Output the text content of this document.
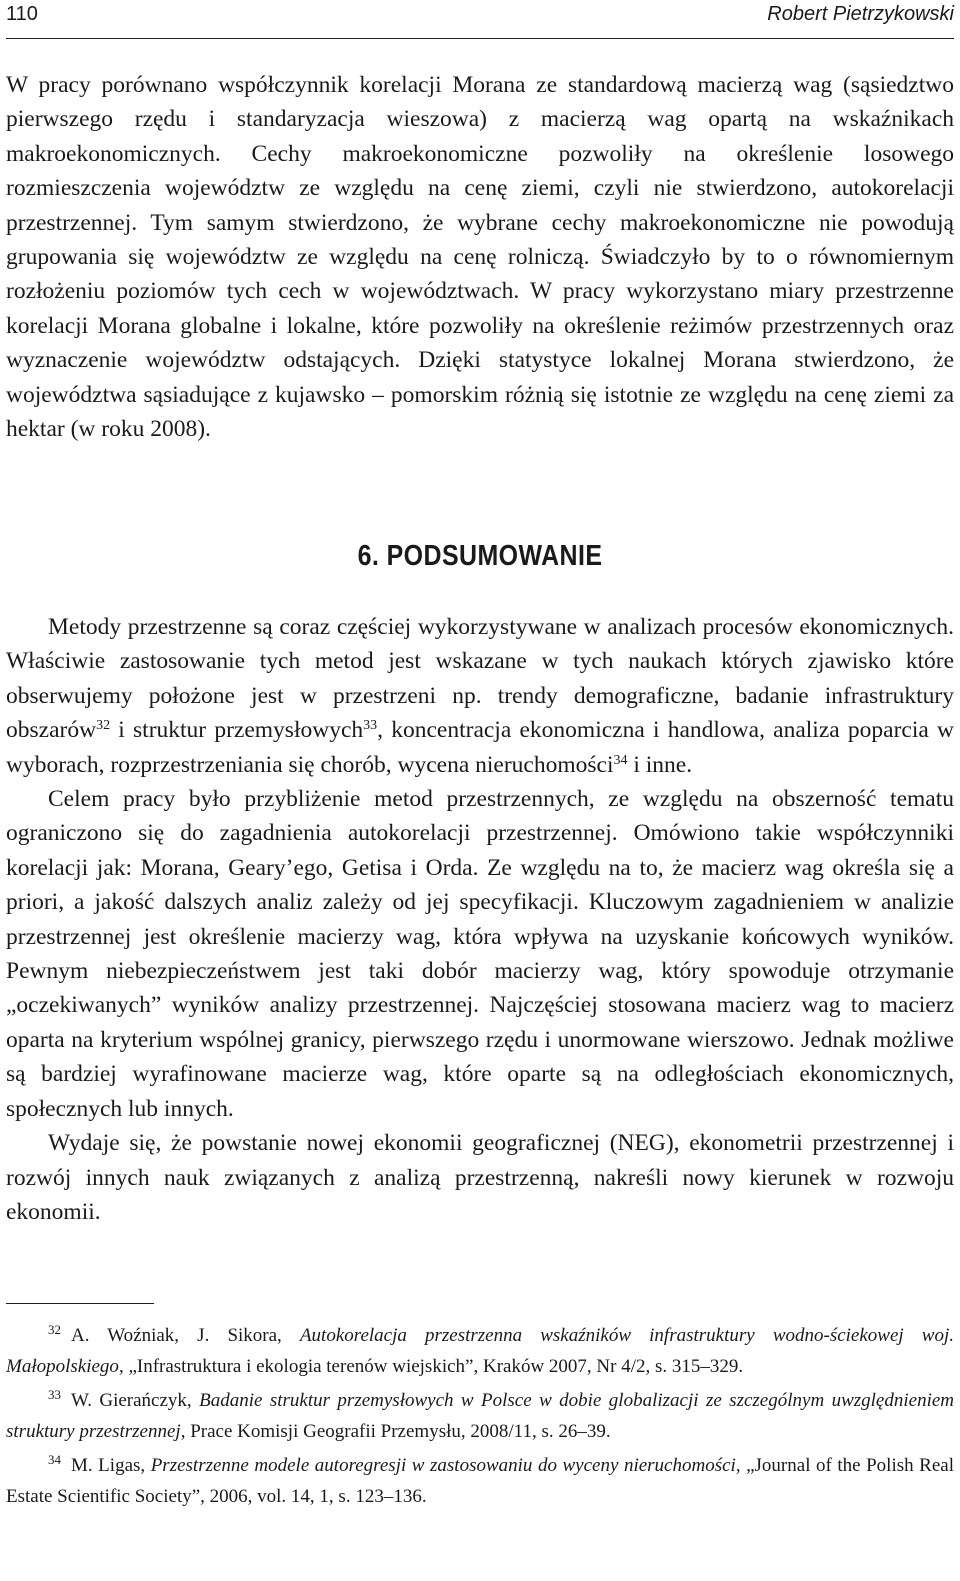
110	Robert Pietrzykowski

W pracy porównano współczynnik korelacji Morana ze standardową macierzą wag (sąsiedztwo pierwszego rzędu i standaryzacja wieszowa) z macierzą wag opartą na wskaźnikach makroekonomicznych. Cechy makroekonomiczne pozwoliły na określenie losowego rozmieszczenia województw ze względu na cenę ziemi, czyli nie stwierdzono, autokorelacji przestrzennej. Tym samym stwierdzono, że wybrane cechy makroekonomiczne nie powodują grupowania się województw ze względu na cenę rolniczą. Świadczyło by to o równomiernym rozłożeniu poziomów tych cech w województwach. W pracy wykorzystano miary przestrzenne korelacji Morana globalne i lokalne, które pozwoliły na określenie reżimów przestrzennych oraz wyznaczenie województw odstających. Dzięki statystyce lokalnej Morana stwierdzono, że województwa sąsiadujące z kujawsko – pomorskim różnią się istotnie ze względu na cenę ziemi za hektar (w roku 2008).

6. PODSUMOWANIE

Metody przestrzenne są coraz częściej wykorzystywane w analizach procesów ekonomicznych. Właściwie zastosowanie tych metod jest wskazane w tych naukach których zjawisko które obserwujemy położone jest w przestrzeni np. trendy demograficzne, badanie infrastruktury obszarów$^{32}$ i struktur przemysłowych$^{33}$, koncentracja ekonomiczna i handlowa, analiza poparcia w wyborach, rozprzestrzeniania się chorób, wycena nieruchomości$^{34}$ i inne.

Celem pracy było przybliżenie metod przestrzennych, ze względu na obszerność tematu ograniczono się do zagadnienia autokorelacji przestrzennej. Omówiono takie współczynniki korelacji jak: Morana, Geary’ego, Getisa i Orda. Ze względu na to, że macierz wag określa się a priori, a jakość dalszych analiz zależy od jej specyfikacji. Kluczowym zagadnieniem w analizie przestrzennej jest określenie macierzy wag, która wpływa na uzyskanie końcowych wyników. Pewnym niebezpieczeństwem jest taki dobór macierzy wag, który spowoduje otrzymanie „oczekiwanych” wyników analizy przestrzennej. Najczęściej stosowana macierz wag to macierz oparta na kryterium wspólnej granicy, pierwszego rzędu i unormowane wierszowo. Jednak możliwe są bardziej wyrafinowane macierze wag, które oparte są na odległościach ekonomicznych, społecznych lub innych.

Wydaje się, że powstanie nowej ekonomii geograficznej (NEG), ekonometrii przestrzennej i rozwój innych nauk związanych z analizą przestrzenną, nakreśli nowy kierunek w rozwoju ekonomii.

$^{32}$ A. Woźniak, J. Sikora, Autokorelacja przestrzenna wskaźników infrastruktury wodno-ściekowej woj. Małopolskiego, „Infrastruktura i ekologia terenów wiejskich”, Kraków 2007, Nr 4/2, s. 315–329.

$^{33}$ W. Gierańczyk, Badanie struktur przemysłowych w Polsce w dobie globalizacji ze szczególnym uwzględnieniem struktury przestrzennej, Prace Komisji Geografii Przemysłu, 2008/11, s. 26–39.

$^{34}$ M. Ligas, Przestrzenne modele autoregresji w zastosowaniu do wyceny nieruchomości, „Journal of the Polish Real Estate Scientific Society”, 2006, vol. 14, 1, s. 123–136.
